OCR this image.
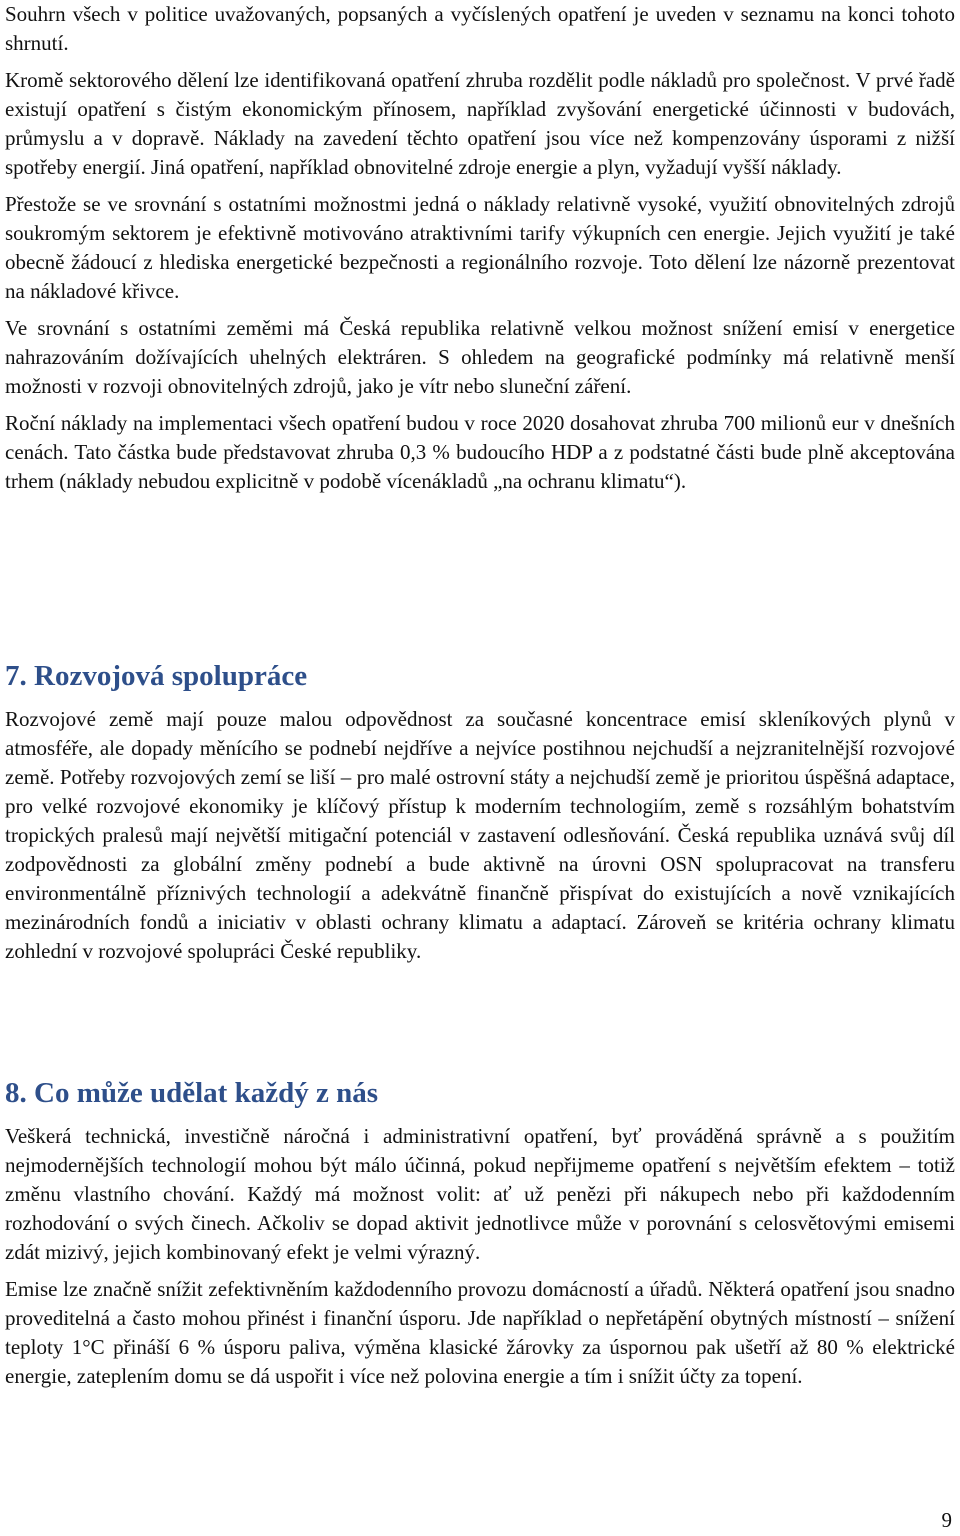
Souhrn všech v politice uvažovaných, popsaných a vyčíslených opatření je uveden v seznamu na konci tohoto shrnutí.

Kromě sektorového dělení lze identifikovaná opatření zhruba rozdělit podle nákladů pro společnost. V prvé řadě existují opatření s čistým ekonomickým přínosem, například zvyšování energetické účinnosti v budovách, průmyslu a v dopravě. Náklady na zavedení těchto opatření jsou více než kompenzovány úsporami z nižší spotřeby energií. Jiná opatření, například obnovitelné zdroje energie a plyn, vyžadují vyšší náklady.

Přestože se ve srovnání s ostatními možnostmi jedná o náklady relativně vysoké, využití obnovitelných zdrojů soukromým sektorem je efektivně motivováno atraktivními tarify výkupních cen energie. Jejich využití je také obecně žádoucí z hlediska energetické bezpečnosti a regionálního rozvoje. Toto dělení lze názorně prezentovat na nákladové křivce.

Ve srovnání s ostatními zeměmi má Česká republika relativně velkou možnost snížení emisí v energetice nahrazováním dožívajících uhelných elektráren. S ohledem na geografické podmínky má relativně menší možnosti v rozvoji obnovitelných zdrojů, jako je vítr nebo sluneční záření.

Roční náklady na implementaci všech opatření budou v roce 2020 dosahovat zhruba 700 milionů eur v dnešních cenách. Tato částka bude představovat zhruba 0,3 % budoucího HDP a z podstatné části bude plně akceptována trhem (náklady nebudou explicitně v podobě vícenákladů „na ochranu klimatu“).

7. Rozvojová spolupráce

Rozvojové země mají pouze malou odpovědnost za současné koncentrace emisí skleníkových plynů v atmosféře, ale dopady měnícího se podnebí nejdříve a nejvíce postihnou nejchudší a nejzranitelnější rozvojové země. Potřeby rozvojových zemí se liší – pro malé ostrovní státy a nejchudší země je prioritou úspěšná adaptace, pro velké rozvojové ekonomiky je klíčový přístup k moderním technologiím, země s rozsáhlým bohatstvím tropických pralesů mají největší mitigační potenciál v zastavení odlesňování. Česká republika uznává svůj díl zodpovědnosti za globální změny podnebí a bude aktivně na úrovni OSN spolupracovat na transferu environmentálně příznivých technologií a adekvátně finančně přispívat do existujících a nově vznikajících mezinárodních fondů a iniciativ v oblasti ochrany klimatu a adaptací. Zároveň se kritéria ochrany klimatu zohlední v rozvojové spolupráci České republiky.

8. Co může udělat každý z nás

Veškerá technická, investičně náročná i administrativní opatření, byť prováděná správně a s použitím nejmodernějších technologií mohou být málo účinná, pokud nepřijmeme opatření s největším efektem – totiž změnu vlastního chování. Každý má možnost volit: ať už penězi při nákupech nebo při každodenním rozhodování o svých činech. Ačkoliv se dopad aktivit jednotlivce může v porovnání s celosvětovými emisemi zdát mizivý, jejich kombinovaný efekt je velmi výrazný.

Emise lze značně snížit zefektivněním každodenního provozu domácností a úřadů. Některá opatření jsou snadno proveditelná a často mohou přinést i finanční úsporu. Jde například o nepřetápění obytných místností – snížení teploty 1°C přináší 6 % úsporu paliva, výměna klasické žárovky za úspornou pak ušetří až 80 % elektrické energie, zateplením domu se dá uspořit i více než polovina energie a tím i snížit účty za topení.

9
